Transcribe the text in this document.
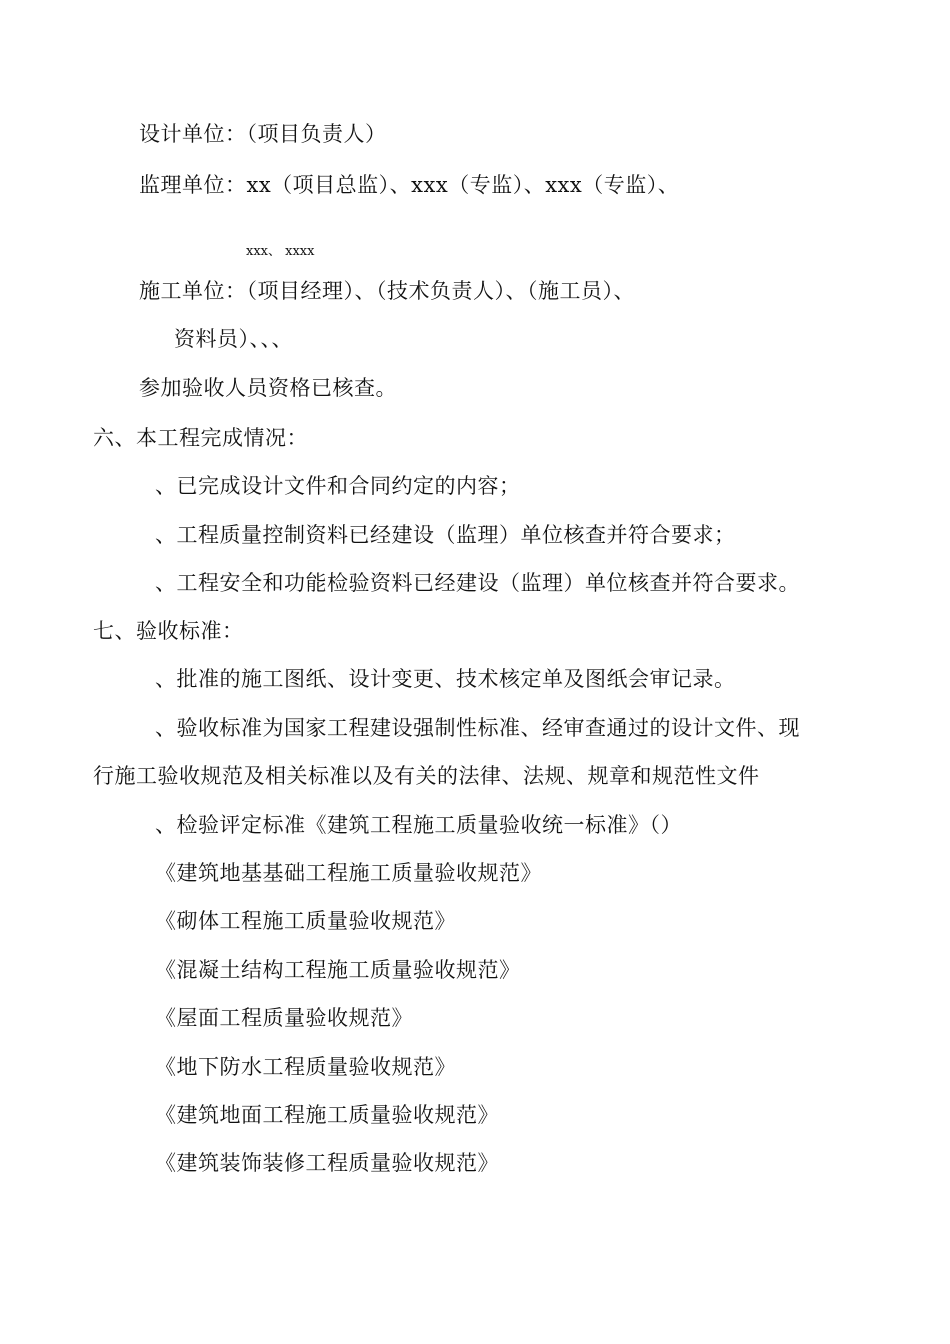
设计单位：（项目负责人）
监理单位：xx（项目总监）、xxx（专监）、xxx（专监）、
xxx、 xxxx
施工单位：（项目经理）、（技术负责人）、（施工员）、
资料员）、、、
参加验收人员资格已核查。
六、本工程完成情况：
、已完成设计文件和合同约定的内容；
、工程质量控制资料已经建设（监理）单位核查并符合要求；
、工程安全和功能检验资料已经建设（监理）单位核查并符合要求。
七、验收标准：
、批准的施工图纸、设计变更、技术核定单及图纸会审记录。
、验收标准为国家工程建设强制性标准、经审查通过的设计文件、现
行施工验收规范及相关标准以及有关的法律、法规、规章和规范性文件
、检验评定标准《建筑工程施工质量验收统一标准》（）
《建筑地基基础工程施工质量验收规范》
《砌体工程施工质量验收规范》
《混凝土结构工程施工质量验收规范》
《屋面工程质量验收规范》
《地下防水工程质量验收规范》
《建筑地面工程施工质量验收规范》
《建筑装饰装修工程质量验收规范》
